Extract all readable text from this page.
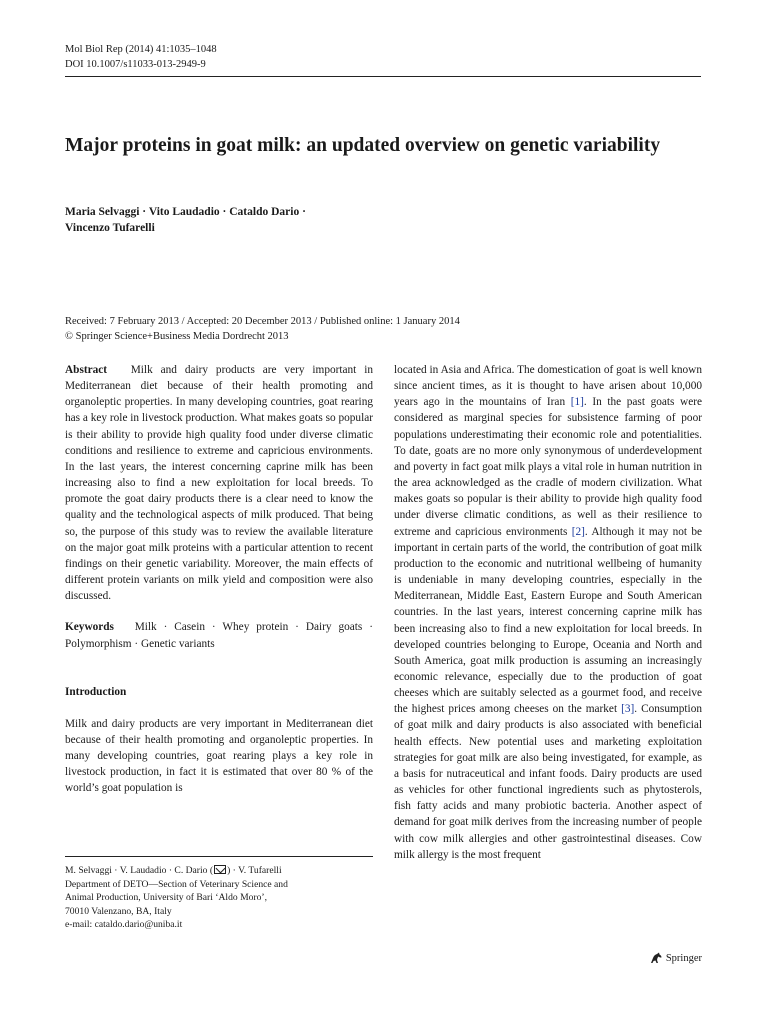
Mol Biol Rep (2014) 41:1035–1048
DOI 10.1007/s11033-013-2949-9
Major proteins in goat milk: an updated overview on genetic variability
Maria Selvaggi · Vito Laudadio · Cataldo Dario ·
Vincenzo Tufarelli
Received: 7 February 2013 / Accepted: 20 December 2013 / Published online: 1 January 2014
© Springer Science+Business Media Dordrecht 2013

Abstract Milk and dairy products are very important in Mediterranean diet because of their health promoting and organoleptic properties. In many developing countries, goat rearing has a key role in livestock production. What makes goats so popular is their ability to provide high quality food under diverse climatic conditions and resilience to extreme and capricious environments. In the last years, the interest concerning caprine milk has been increasing also to find a new exploitation for local breeds. To promote the goat dairy products there is a clear need to know the quality and the technological aspects of milk produced. That being so, the purpose of this study was to review the available literature on the major goat milk proteins with a particular attention to recent findings on their genetic variability. Moreover, the main effects of different protein variants on milk yield and composition were also discussed.

Keywords Milk · Casein · Whey protein · Dairy goats · Polymorphism · Genetic variants

Introduction

Milk and dairy products are very important in Mediterranean diet because of their health promoting and organoleptic properties. In many developing countries, goat rearing plays a key role in livestock production, in fact it is estimated that over 80 % of the world’s goat population is

located in Asia and Africa. The domestication of goat is well known since ancient times, as it is thought to have arisen about 10,000 years ago in the mountains of Iran [1]. In the past goats were considered as marginal species for subsistence farming of poor populations underestimating their economic role and potentialities. To date, goats are no more only synonymous of underdevelopment and poverty in fact goat milk plays a vital role in human nutrition in the area acknowledged as the cradle of modern civilization. What makes goats so popular is their ability to provide high quality food under diverse climatic conditions, as well as their resilience to extreme and capricious environments [2]. Although it may not be important in certain parts of the world, the contribution of goat milk production to the economic and nutritional wellbeing of humanity is undeniable in many developing countries, especially in the Mediterranean, Middle East, Eastern Europe and South American countries. In the last years, interest concerning caprine milk has been increasing also to find a new exploitation for local breeds. In developed countries belonging to Europe, Oceania and North and South America, goat milk production is assuming an increasingly economic relevance, especially due to the production of goat cheeses which are suitably selected as a gourmet food, and receive the highest prices among cheeses on the market [3]. Consumption of goat milk and dairy products is also associated with beneficial health effects. New potential uses and marketing exploitation strategies for goat milk are also being investigated, for example, as a basis for nutraceutical and infant foods. Dairy products are used as vehicles for other functional ingredients such as phytosterols, fish fatty acids and many probiotic bacteria. Another aspect of demand for goat milk derives from the increasing number of people with cow milk allergies and other gastrointestinal diseases. Cow milk allergy is the most frequent

M. Selvaggi · V. Laudadio · C. Dario ( ) · V. Tufarelli
Department of DETO—Section of Veterinary Science and
Animal Production, University of Bari ‘Aldo Moro’,
70010 Valenzano, BA, Italy
e-mail: cataldo.dario@uniba.it
Springer
